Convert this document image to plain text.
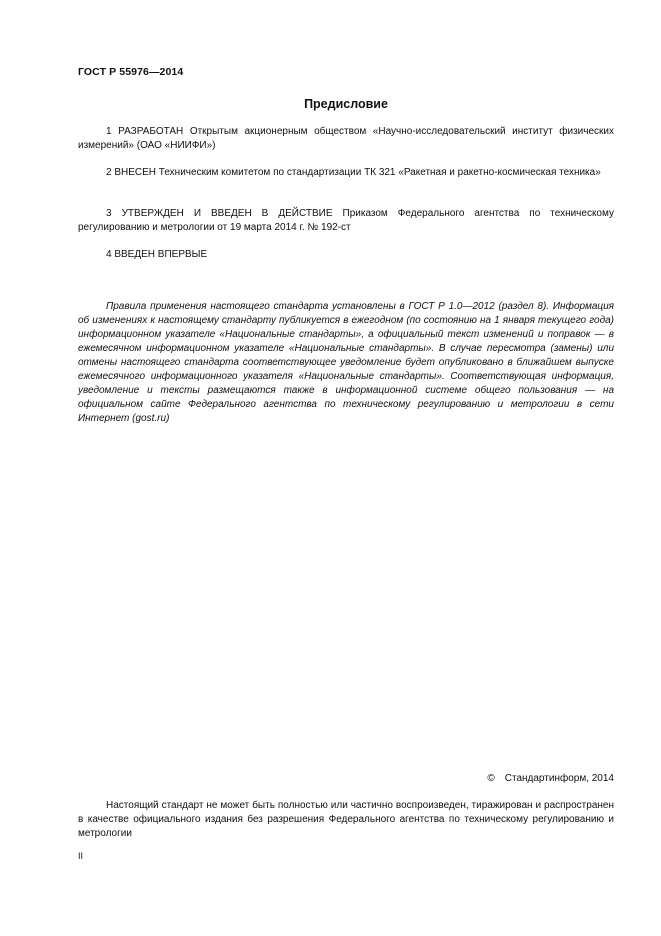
ГОСТ Р 55976—2014
Предисловие

1 РАЗРАБОТАН Открытым акционерным обществом «Научно-исследовательский институт физических измерений» (ОАО «НИИФИ»)

2 ВНЕСЕН Техническим комитетом по стандартизации ТК 321 «Ракетная и ракетно-космическая техника»

3 УТВЕРЖДЕН И ВВЕДЕН В ДЕЙСТВИЕ Приказом Федерального агентства по техническому регулированию и метрологии от 19 марта 2014 г. № 192-ст

4 ВВЕДЕН ВПЕРВЫЕ

Правила применения настоящего стандарта установлены в ГОСТ Р 1.0—2012 (раздел 8). Информация об изменениях к настоящему стандарту публикуется в ежегодном (по состоянию на 1 января текущего года) информационном указателе «Национальные стандарты», а официальный текст изменений и поправок — в ежемесячном информационном указателе «Национальные стандарты». В случае пересмотра (замены) или отмены настоящего стандарта соответствующее уведомление будет опубликовано в ближайшем выпуске ежемесячного информационного указателя «Национальные стандарты». Соответствующая информация, уведомление и тексты размещаются также в информационной системе общего пользования — на официальном сайте Федерального агентства по техническому регулированию и метрологии в сети Интернет (gost.ru)

© Стандартинформ, 2014

Настоящий стандарт не может быть полностью или частично воспроизведен, тиражирован и распространен в качестве официального издания без разрешения Федерального агентства по техническому регулированию и метрологии

II
